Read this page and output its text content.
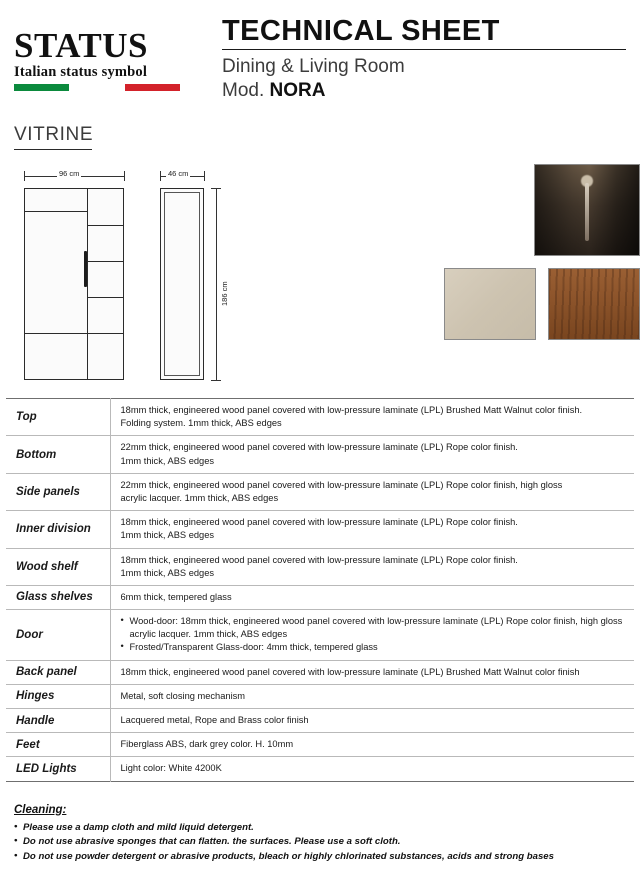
STATUS
Italian status symbol
TECHNICAL SHEET
Dining & Living Room
Mod. NORA
VITRINE
96 cm	46 cm
186 cm
Top	18mm thick, engineered wood panel covered with low-pressure laminate (LPL) Brushed Matt Walnut color finish.
Folding system. 1mm thick, ABS edges
Bottom	22mm thick, engineered wood panel covered with low-pressure laminate (LPL) Rope color finish.
1mm thick, ABS edges
Side panels	22mm thick, engineered wood panel covered with low-pressure laminate (LPL) Rope color finish, high gloss
acrylic lacquer. 1mm thick, ABS edges
Inner division	18mm thick, engineered wood panel covered with low-pressure laminate (LPL) Rope color finish.
1mm thick, ABS edges
Wood shelf	18mm thick, engineered wood panel covered with low-pressure laminate (LPL) Rope color finish.
1mm thick, ABS edges
Glass shelves	6mm thick, tempered glass
Door	
• Wood-door: 18mm thick, engineered wood panel covered with low-pressure laminate (LPL) Rope color finish, high gloss acrylic lacquer. 1mm thick, ABS edges
• Frosted/Transparent Glass-door: 4mm thick, tempered glass

Back panel	18mm thick, engineered wood panel covered with low-pressure laminate (LPL) Brushed Matt Walnut color finish
Hinges	Metal, soft closing mechanism
Handle	Lacquered metal, Rope and Brass color finish
Feet	Fiberglass ABS, dark grey color. H. 10mm
LED Lights	Light color: White 4200K
Cleaning:
• Please use a damp cloth and mild liquid detergent.
• Do not use abrasive sponges that can flatten. the surfaces. Please use a soft cloth.
• Do not use powder detergent or abrasive products, bleach or highly chlorinated substances, acids and strong bases
